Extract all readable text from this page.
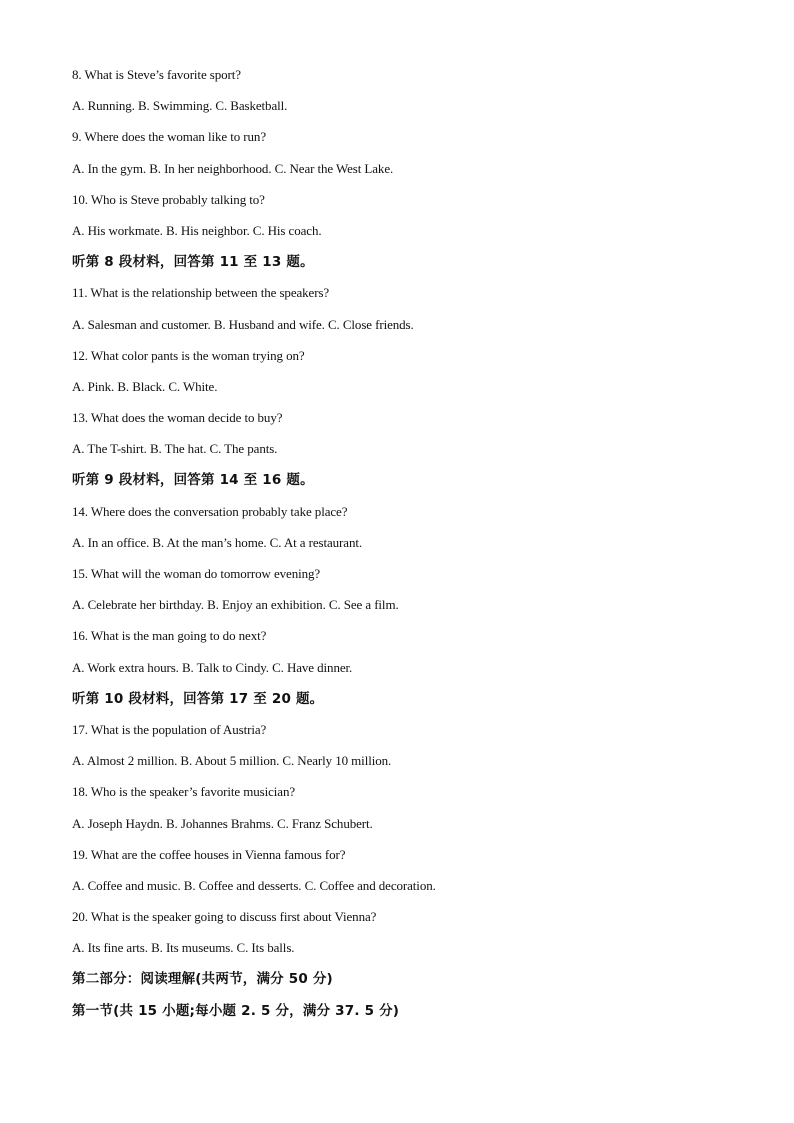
8. What is Steve’s favorite sport?
A. Running. B. Swimming. C. Basketball.
9. Where does the woman like to run?
A. In the gym. B. In her neighborhood. C. Near the West Lake.
10. Who is Steve probably talking to?
A. His workmate. B. His neighbor. C. His coach.
听第 8 段材料，回答第 11 至 13 题。
11. What is the relationship between the speakers?
A. Salesman and customer. B. Husband and wife. C. Close friends.
12. What color pants is the woman trying on?
A. Pink. B. Black. C. White.
13. What does the woman decide to buy?
A. The T-shirt. B. The hat. C. The pants.
听第 9 段材料，回答第 14 至 16 题。
14. Where does the conversation probably take place?
A. In an office. B. At the man’s home. C. At a restaurant.
15. What will the woman do tomorrow evening?
A. Celebrate her birthday. B. Enjoy an exhibition. C. See a film.
16. What is the man going to do next?
A. Work extra hours. B. Talk to Cindy. C. Have dinner.
听第 10 段材料，回答第 17 至 20 题。
17. What is the population of Austria?
A. Almost 2 million. B. About 5 million. C. Nearly 10 million.
18. Who is the speaker’s favorite musician?
A. Joseph Haydn. B. Johannes Brahms. C. Franz Schubert.
19. What are the coffee houses in Vienna famous for?
A. Coffee and music. B. Coffee and desserts. C. Coffee and decoration.
20. What is the speaker going to discuss first about Vienna?
A. Its fine arts. B. Its museums. C. Its balls.
第二部分：阅读理解(共两节，满分 50 分)
第一节(共 15 小题;每小题 2. 5 分，满分 37. 5 分)
